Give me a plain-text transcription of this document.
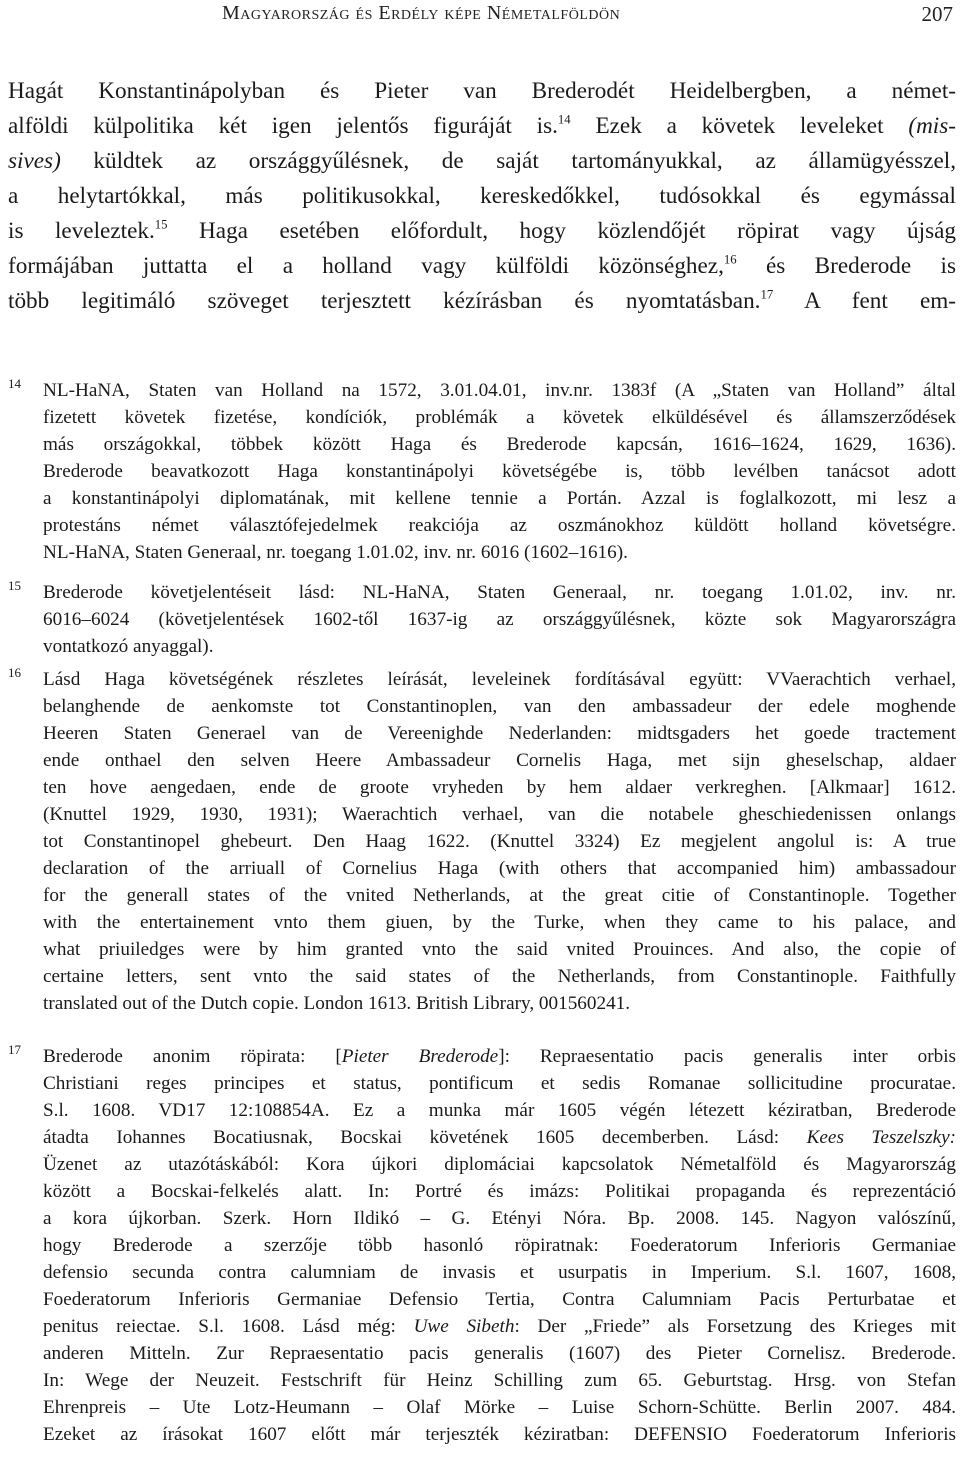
Magyarország és Erdély képe Németalföldön	207
Hagát Konstantinápolyban és Pieter van Brederodét Heidelbergben, a német-
alföldi külpolitika két igen jelentős figuráját is.$^{14}$ Ezek a követek leveleket (mis-
sives) küldtek az országgyűlésnek, de saját tartományukkal, az államügyésszel,
a helytartókkal, más politikusokkal, kereskedőkkel, tudósokkal és egymással
is leveleztek.$^{15}$ Haga esetében előfordult, hogy közlendőjét röpirat vagy újság
formájában juttatta el a holland vagy külföldi közönséghez,$^{16}$ és Brederode is
több legitimáló szöveget terjesztett kézírásban és nyomtatásban.$^{17}$ A fent em-
14 NL-HaNA, Staten van Holland na 1572, 3.01.04.01, inv.nr. 1383f (A „Staten van Holland” által
fizetett követek fizetése, kondíciók, problémák a követek elküldésével és államszerződések
más országokkal, többek között Haga és Brederode kapcsán, 1616–1624, 1629, 1636).
Brederode beavatkozott Haga konstantinápolyi követségébe is, több levélben tanácsot adott
a konstantinápolyi diplomatának, mit kellene tennie a Portán. Azzal is foglalkozott, mi lesz a
protestáns német választófejedelmek reakciója az oszmánokhoz küldött holland követségre.
NL-HaNA, Staten Generaal, nr. toegang 1.01.02, inv. nr. 6016 (1602–1616).
15 Brederode követjelentéseit lásd: NL-HaNA, Staten Generaal, nr. toegang 1.01.02, inv. nr.
6016–6024 (követjelentések 1602-től 1637-ig az országgyűlésnek, közte sok Magyarországra
vontatkozó anyaggal).
16 Lásd Haga követségének részletes leírását, leveleinek fordításával együtt: VVaerachtich verhael,
belanghende de aenkomste tot Constantinoplen, van den ambassadeur der edele moghende
Heeren Staten Generael van de Vereenighde Nederlanden: midtsgaders het goede tractement
ende onthael den selven Heere Ambassadeur Cornelis Haga, met sijn gheselschap, aldaer
ten hove aengedaen, ende de groote vryheden by hem aldaer verkreghen. [Alkmaar] 1612.
(Knuttel 1929, 1930, 1931); Waerachtich verhael, van die notabele gheschiedenissen onlangs
tot Constantinopel ghebeurt. Den Haag 1622. (Knuttel 3324) Ez megjelent angolul is: A true
declaration of the arriuall of Cornelius Haga (with others that accompanied him) ambassadour
for the generall states of the vnited Netherlands, at the great citie of Constantinople. Together
with the entertainement vnto them giuen, by the Turke, when they came to his palace, and
what priuiledges were by him granted vnto the said vnited Prouinces. And also, the copie of
certaine letters, sent vnto the said states of the Netherlands, from Constantinople. Faithfully
translated out of the Dutch copie. London 1613. British Library, 001560241.
17 Brederode anonim röpirata: [Pieter Brederode]: Repraesentatio pacis generalis inter orbis
Christiani reges principes et status, pontificum et sedis Romanae sollicitudine procuratae.
S.l. 1608. VD17 12:108854A. Ez a munka már 1605 végén létezett kéziratban, Brederode
átadta Iohannes Bocatiusnak, Bocskai követének 1605 decemberben. Lásd: Kees Teszelszky:
Üzenet az utazótáskából: Kora újkori diplomáciai kapcsolatok Németalföld és Magyarország
között a Bocskai-felkelés alatt. In: Portré és imázs: Politikai propaganda és reprezentáció
a kora újkorban. Szerk. Horn Ildikó – G. Etényi Nóra. Bp. 2008. 145. Nagyon valószínű,
hogy Brederode a szerzője több hasonló röpiratnak: Foederatorum Inferioris Germaniae
defensio secunda contra calumniam de invasis et usurpatis in Imperium. S.l. 1607, 1608,
Foederatorum Inferioris Germaniae Defensio Tertia, Contra Calumniam Pacis Perturbatae et
penitus reiectae. S.l. 1608. Lásd még: Uwe Sibeth: Der „Friede” als Forsetzung des Krieges mit
anderen Mitteln. Zur Repraesentatio pacis generalis (1607) des Pieter Cornelisz. Brederode.
In: Wege der Neuzeit. Festschrift für Heinz Schilling zum 65. Geburtstag. Hrsg. von Stefan
Ehrenpreis – Ute Lotz-Heumann – Olaf Mörke – Luise Schorn-Schütte. Berlin 2007. 484.
Ezeket az írásokat 1607 előtt már terjeszték kéziratban: DEFENSIO Foederatorum Inferioris
